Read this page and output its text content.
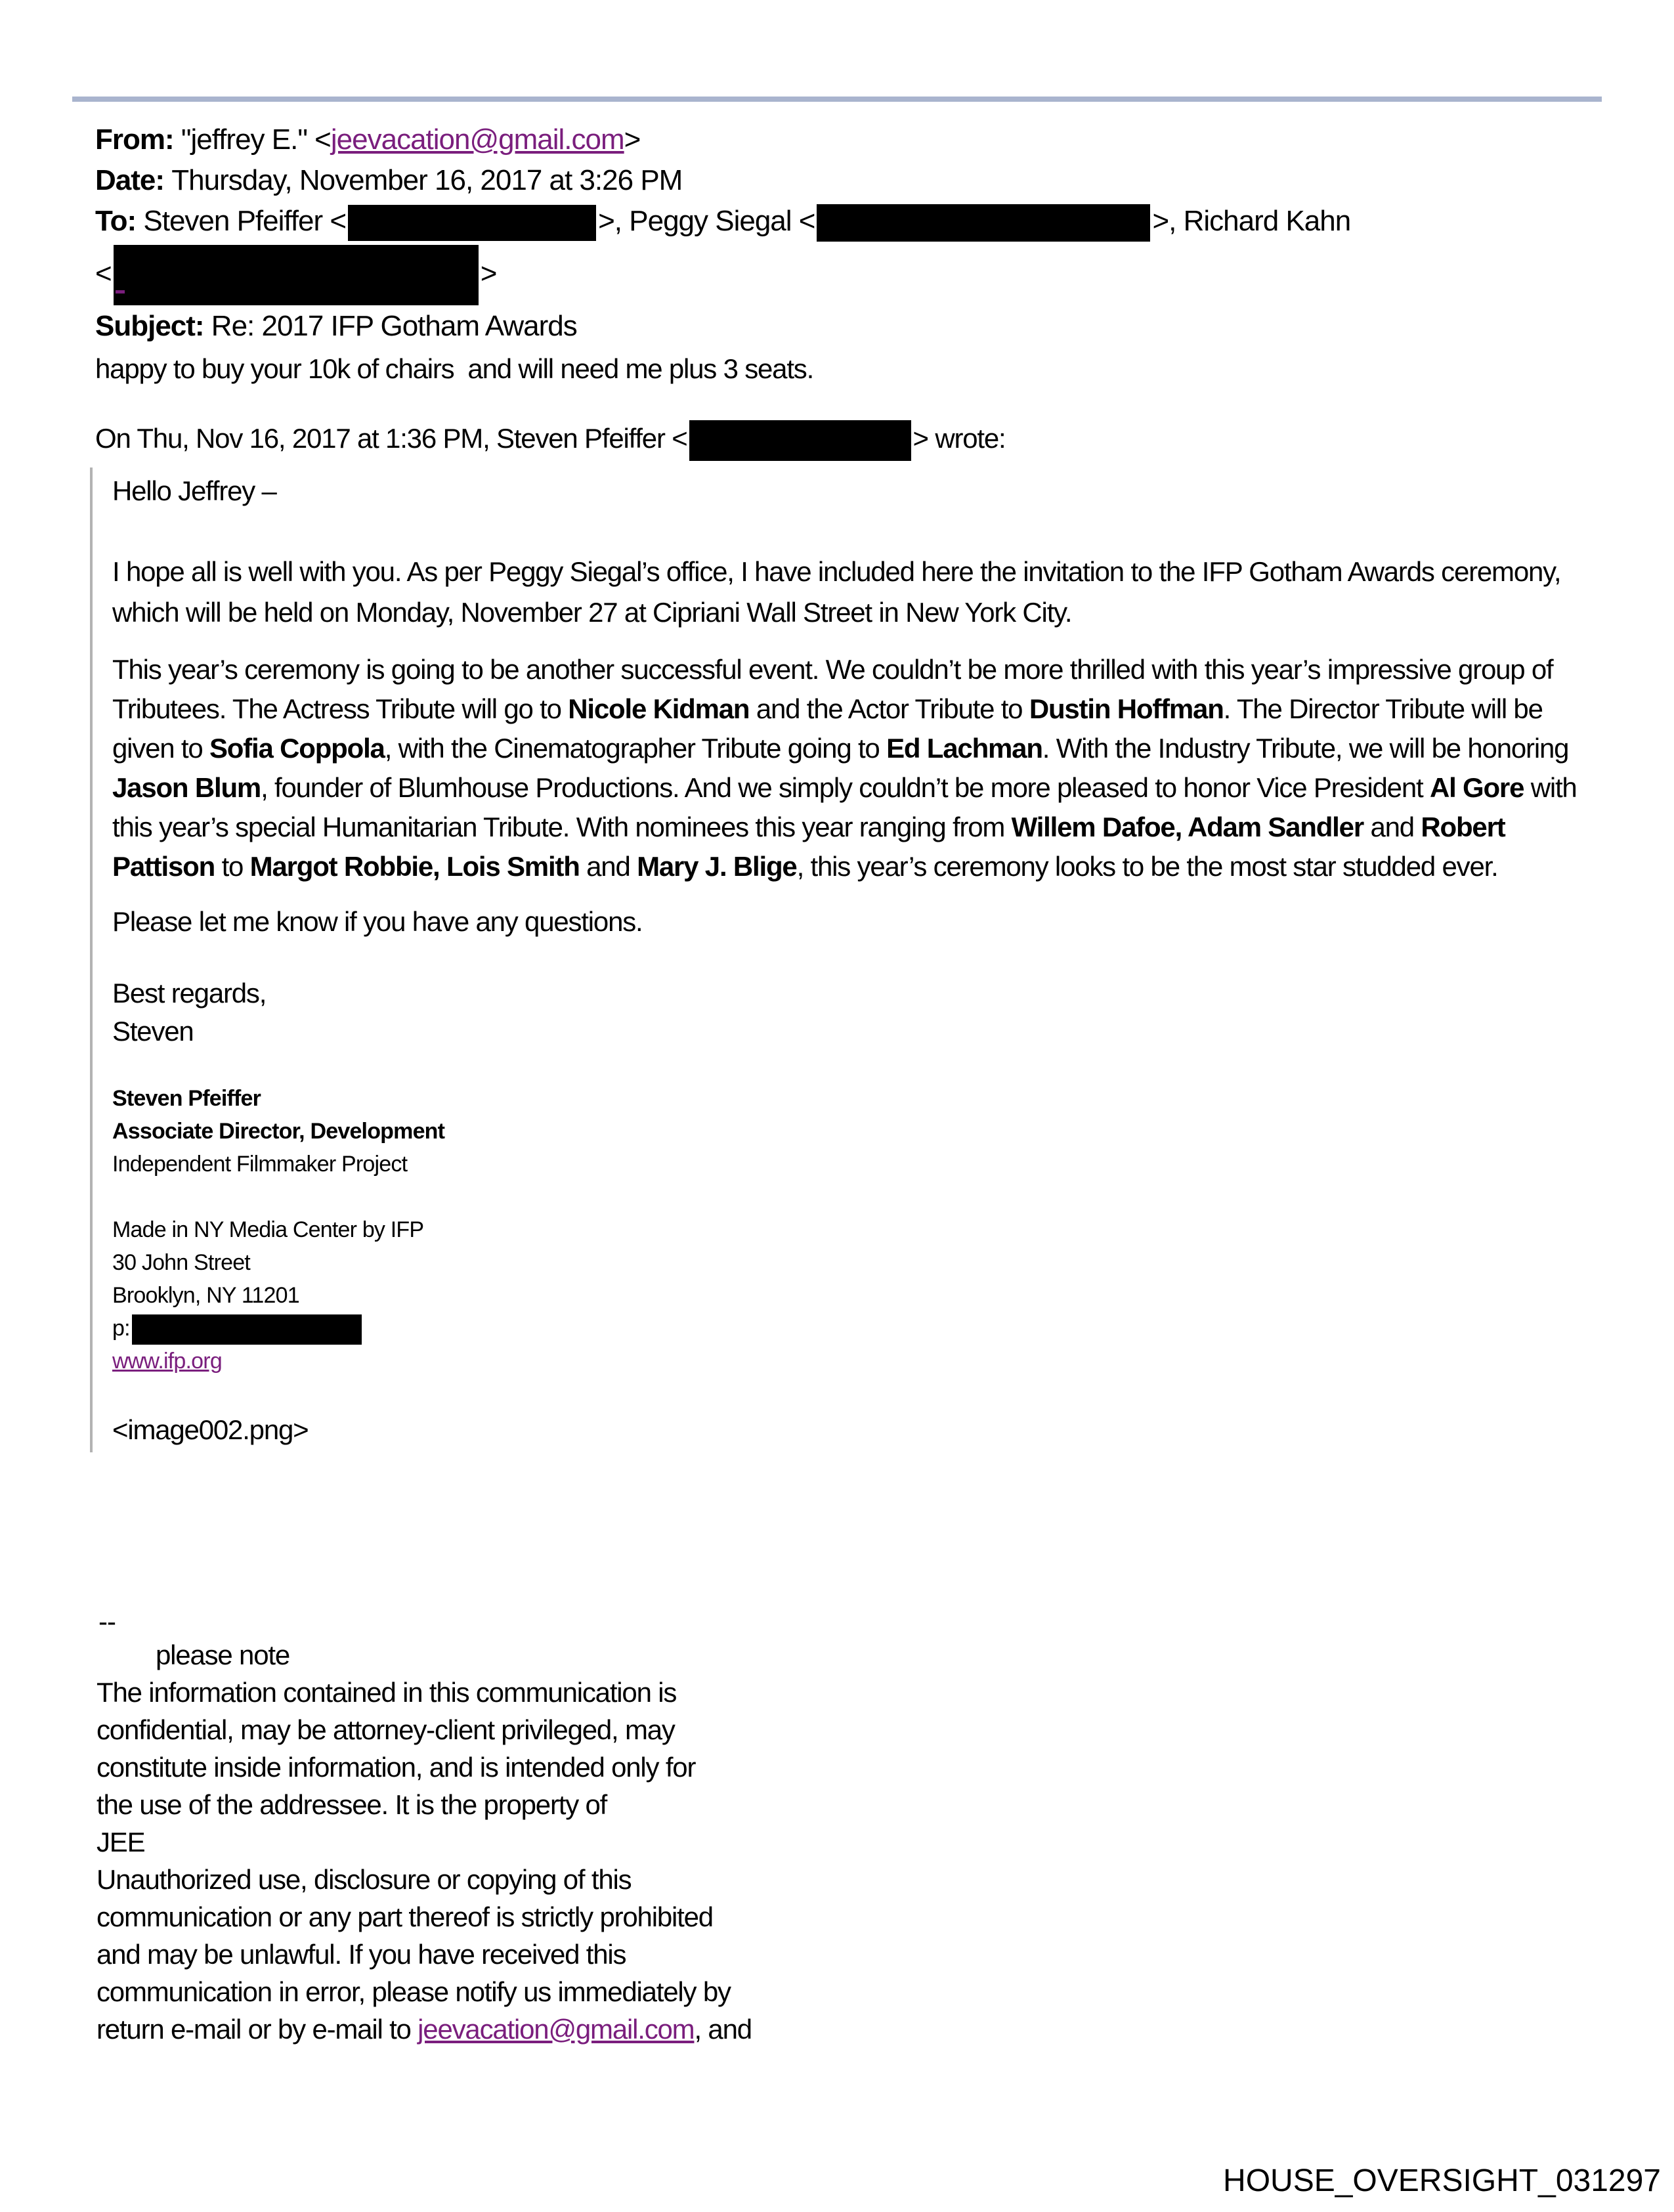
From: "jeffrey E." <jeevacation@gmail.com>
Date: Thursday, November 16, 2017 at 3:26 PM
To: Steven Pfeiffer <	>, Peggy Siegal <	>, Richard Kahn
<	>
Subject: Re: 2017 IFP Gotham Awards
happy to buy your 10k of chairs  and will need me plus 3 seats.
On Thu, Nov 16, 2017 at 1:36 PM, Steven Pfeiffer <	> wrote:
Hello Jeffrey –
I hope all is well with you. As per Peggy Siegal’s office, I have included here the invitation to the IFP Gotham Awards ceremony, which will be held on Monday, November 27 at Cipriani Wall Street in New York City.
This year’s ceremony is going to be another successful event. We couldn’t be more thrilled with this year’s impressive group of Tributees. The Actress Tribute will go to Nicole Kidman and the Actor Tribute to Dustin Hoffman. The Director Tribute will be given to Sofia Coppola, with the Cinematographer Tribute going to Ed Lachman. With the Industry Tribute, we will be honoring Jason Blum, founder of Blumhouse Productions. And we simply couldn’t be more pleased to honor Vice President Al Gore with this year’s special Humanitarian Tribute. With nominees this year ranging from Willem Dafoe, Adam Sandler and Robert Pattison to Margot Robbie, Lois Smith and Mary J. Blige, this year’s ceremony looks to be the most star studded ever.
Please let me know if you have any questions.
Best regards,
Steven
Steven Pfeiffer
Associate Director, Development
Independent Filmmaker Project

Made in NY Media Center by IFP
30 John Street
Brooklyn, NY 11201
p:
www.ifp.org
<image002.png>
--
please note
The information contained in this communication is
confidential, may be attorney-client privileged, may
constitute inside information, and is intended only for
the use of the addressee. It is the property of
JEE
Unauthorized use, disclosure or copying of this
communication or any part thereof is strictly prohibited
and may be unlawful. If you have received this
communication in error, please notify us immediately by
return e-mail or by e-mail to jeevacation@gmail.com, and
HOUSE_OVERSIGHT_031297
